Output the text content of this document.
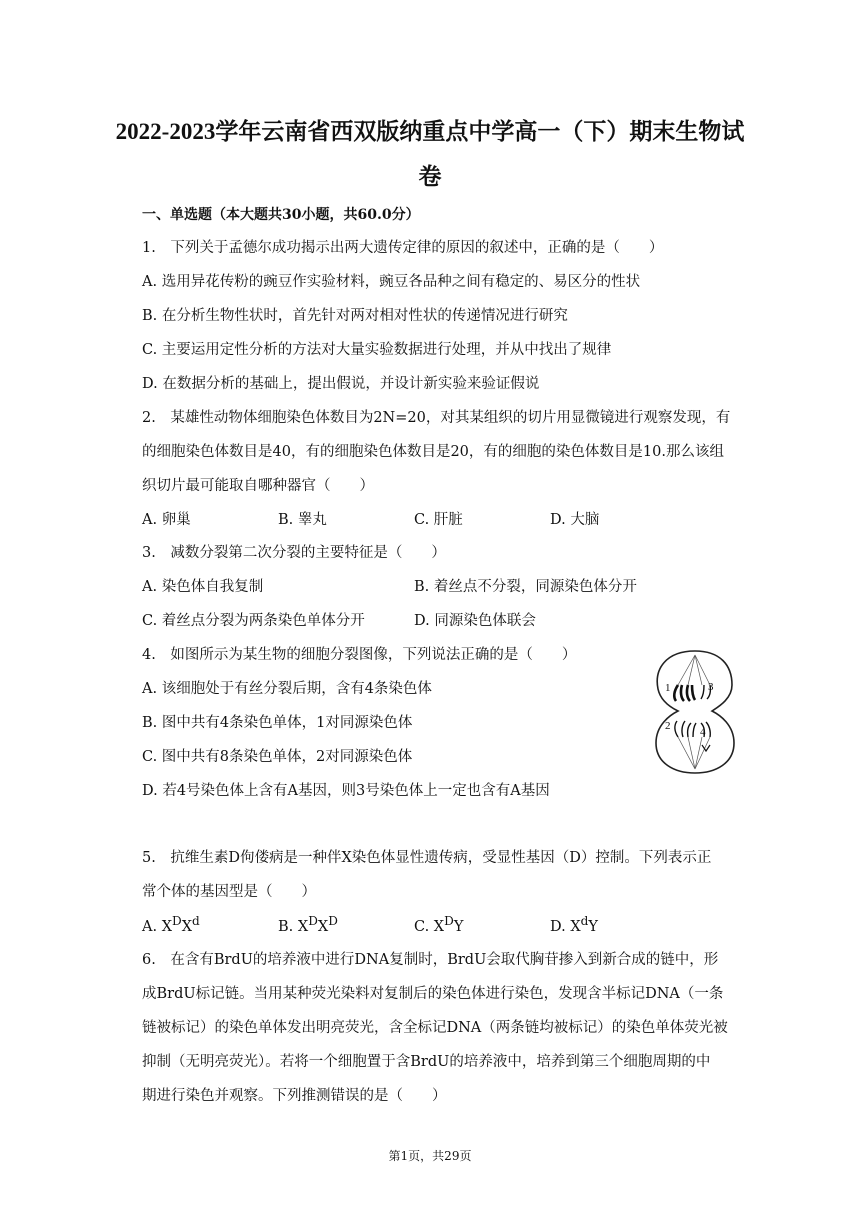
2022-2023学年云南省西双版纳重点中学高一（下）期末生物试
卷
一、单选题（本大题共30小题，共60.0分）
1.　下列关于孟德尔成功揭示出两大遗传定律的原因的叙述中，正确的是（　　）
A. 选用异花传粉的豌豆作实验材料，豌豆各品种之间有稳定的、易区分的性状
B. 在分析生物性状时，首先针对两对相对性状的传递情况进行研究
C. 主要运用定性分析的方法对大量实验数据进行处理，并从中找出了规律
D. 在数据分析的基础上，提出假说，并设计新实验来验证假说
2.　某雄性动物体细胞染色体数目为2N=20，对其某组织的切片用显微镜进行观察发现，有
的细胞染色体数目是40，有的细胞染色体数目是20，有的细胞的染色体数目是10.那么该组
织切片最可能取自哪种器官（　　）
A. 卵巢	B. 睾丸	C. 肝脏	D. 大脑
3.　减数分裂第二次分裂的主要特征是（　　）
A. 染色体自我复制	B. 着丝点不分裂，同源染色体分开
C. 着丝点分裂为两条染色单体分开	D. 同源染色体联会
4.　如图所示为某生物的细胞分裂图像，下列说法正确的是（　　）
A. 该细胞处于有丝分裂后期，含有4条染色体
B. 图中共有4条染色单体，1对同源染色体
C. 图中共有8条染色单体，2对同源染色体
D. 若4号染色体上含有A基因，则3号染色体上一定也含有A基因
1	3
2	4
5.　抗维生素D佝偻病是一种伴X染色体显性遗传病，受显性基因（D）控制。下列表示正
常个体的基因型是（　　）
A. $X^DX^d$	B. $X^DX^D$	C. $X^DY$	D. $X^dY$
6.　在含有BrdU的培养液中进行DNA复制时，BrdU会取代胸苷掺入到新合成的链中，形
成BrdU标记链。当用某种荧光染料对复制后的染色体进行染色，发现含半标记DNA（一条
链被标记）的染色单体发出明亮荧光，含全标记DNA（两条链均被标记）的染色单体荧光被
抑制（无明亮荧光）。若将一个细胞置于含BrdU的培养液中，培养到第三个细胞周期的中
期进行染色并观察。下列推测错误的是（　　）
第1页，共29页
